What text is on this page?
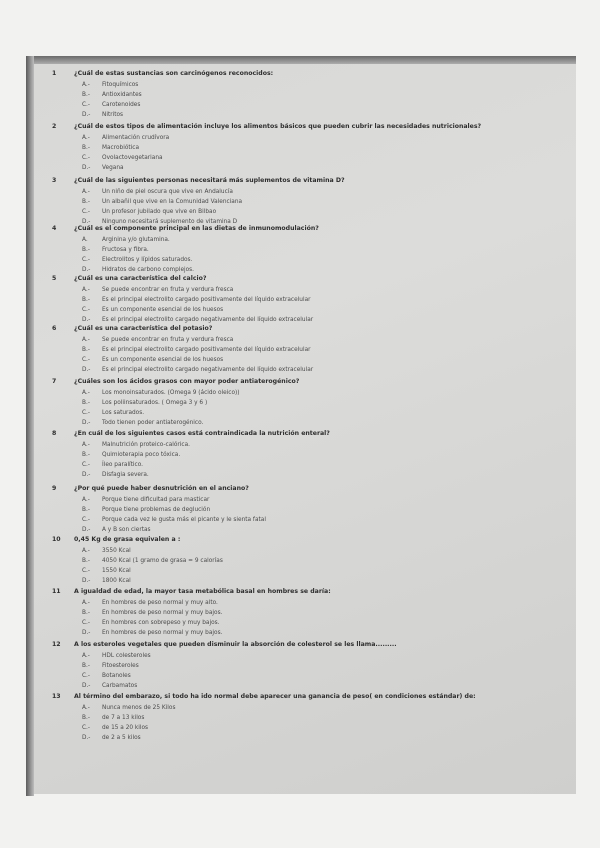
1	¿Cuál de estas sustancias son carcinógenos reconocidos:
A.- Fitoquímicos
B.- Antioxidantes
C.- Carotenoides
D.- Nitritos
2	¿Cuál de estos tipos de alimentación incluye los alimentos básicos que pueden cubrir las necesidades nutricionales?
A.- Alimentación crudívora
B.- Macrobiótica
C.- Ovolactovegetariana
D.- Vegana
3	¿Cuál de las siguientes personas necesitará más suplementos de vitamina D?
A.- Un niño de piel oscura que vive en Andalucía
B.- Un albañil que vive en la Comunidad Valenciana
C.- Un profesor jubilado que vive en Bilbao
D.- Ninguno necesitará suplemento de vitamina D
4	¿Cuál es el componente principal en las dietas de inmunomodulación?
A. Arginina y/o glutamina.
B.- Fructosa y fibra.
C.- Electrolitos y lípidos saturados.
D.- Hidratos de carbono complejos.
5	¿Cuál es una característica del calcio?
A.- Se puede encontrar en fruta y verdura fresca
B.- Es el principal electrolito cargado positivamente del líquido extracelular
C.- Es un componente esencial de los huesos
D.- Es el principal electrolito cargado negativamente del líquido extracelular
6	¿Cuál es una característica del potasio?
A.- Se puede encontrar en fruta y verdura fresca
B.- Es el principal electrolito cargado positivamente del líquido extracelular
C.- Es un componente esencial de los huesos
D.- Es el principal electrolito cargado negativamente del líquido extracelular
7	¿Cuáles son los ácidos grasos con mayor poder antiaterogénico?
A.- Los monoinsaturados. (Omega 9 (ácido oleico))
B.- Los poliinsaturados. ( Omega 3 y 6 )
C.- Los saturados.
D.- Todo tienen poder antiaterogénico.
8	¿En cuál de los siguientes casos está contraindicada la nutrición enteral?
A.- Malnutrición proteico-calórica.
B.- Quimioterapia poco tóxica.
C.- Íleo paralítico.
D.- Disfagia severa.
9	¿Por qué puede haber desnutrición en el anciano?
A.- Porque tiene dificultad para masticar
B.- Porque tiene problemas de deglución
C.- Porque cada vez le gusta más el picante y le sienta fatal
D.- A y B son ciertas
10 0,45 Kg de grasa equivalen a :
A.- 3550 Kcal
B.- 4050 Kcal (1 gramo de grasa = 9 calorías
C.- 1550 Kcal
D.- 1800 Kcal
11 A igualdad de edad, la mayor tasa metabólica basal en hombres se daría:
A.- En hombres de peso normal y muy alto.
B.- En hombres de peso normal y muy bajos.
C.- En hombres con sobrepeso y muy bajos.
D.- En hombres de peso normal y muy bajos.
12 A los esteroles vegetales que pueden disminuir la absorción de colesterol se les llama.........
A.- HDL colesteroles
B.- Fitoesteroles
C.- Botanoles
D.- Carbamatos
13 Al término del embarazo, si todo ha ido normal debe aparecer una ganancia de peso( en condiciones estándar) de:
A.- Nunca menos de 25 Kilos
B.- de 7 a 13 kilos
C.- de 15 a 20 kilos
D.- de 2 a 5 kilos
